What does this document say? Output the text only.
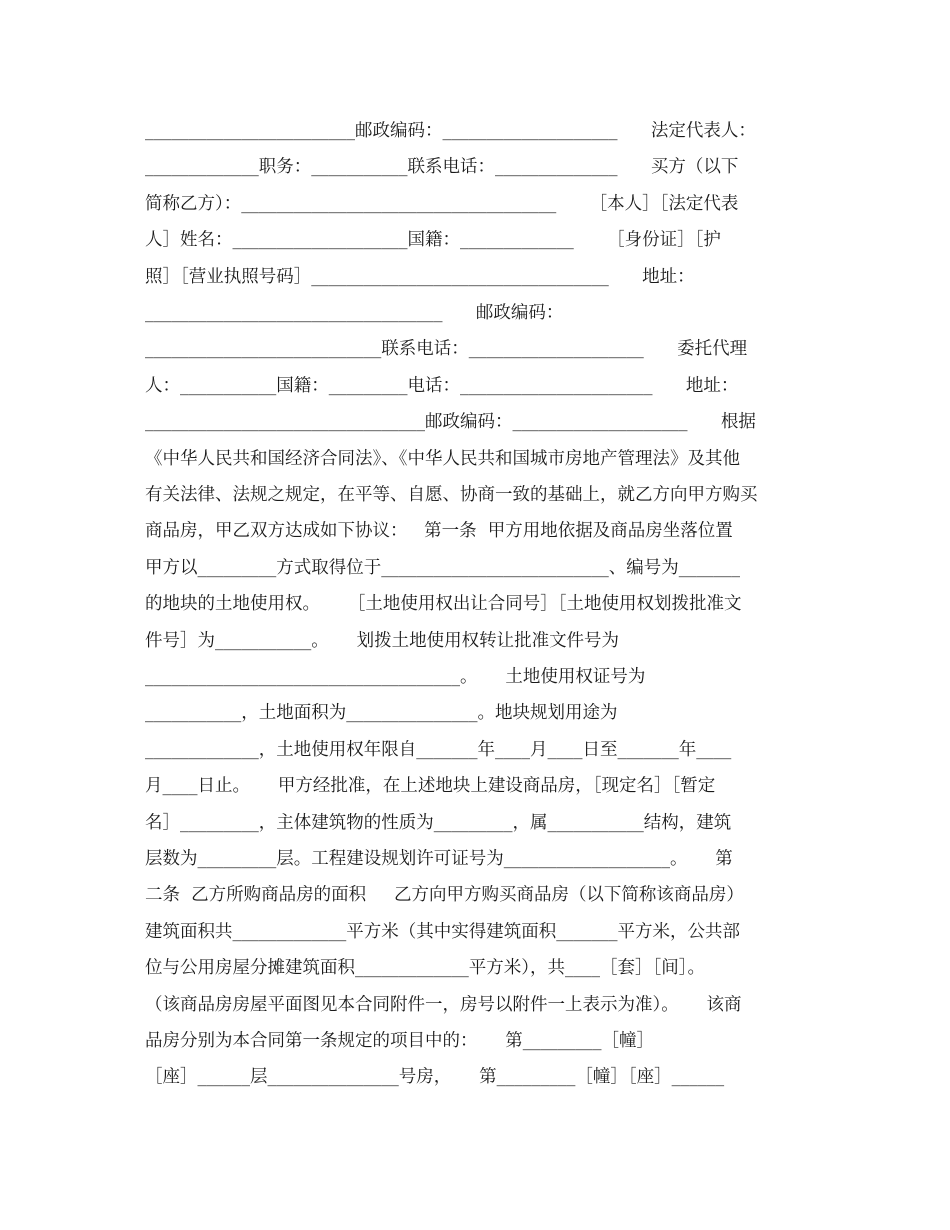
________________________邮政编码：____________________      法定代表人：
_____________职务：___________联系电话：______________      买方（以下
简称乙方）：____________________________________      ［本人］［法定代表
人］姓名：____________________国籍：_____________      ［身份证］［护
照］［营业执照号码］__________________________________      地址：
__________________________________      邮政编码：
___________________________联系电话：____________________      委托代理
人：___________国籍：_________电话：______________________      地址：
________________________________邮政编码：____________________      根据
《中华人民共和国经济合同法》、《中华人民共和国城市房地产管理法》及其他
有关法律、法规之规定，在平等、自愿、协商一致的基础上，就乙方向甲方购买
商品房，甲乙双方达成如下协议：   第一条  甲方用地依据及商品房坐落位置
甲方以_________方式取得位于__________________________、编号为_______
的地块的土地使用权。     ［土地使用权出让合同号］［土地使用权划拨批准文
件号］为___________。     划拨土地使用权转让批准文件号为
____________________________________。     土地使用权证号为
___________，土地面积为_______________。地块规划用途为
_____________，土地使用权年限自_______年____月____日至_______年____
月____日止。     甲方经批准，在上述地块上建设商品房，［现定名］［暂定
名］_________，主体建筑物的性质为_________，属___________结构，建筑
层数为_________层。工程建设规划许可证号为___________________。     第
二条  乙方所购商品房的面积     乙方向甲方购买商品房（以下简称该商品房）
建筑面积共_____________平方米（其中实得建筑面积_______平方米，公共部
位与公用房屋分摊建筑面积_____________平方米），共____［套］［间］。
（该商品房房屋平面图见本合同附件一，房号以附件一上表示为准）。     该商
品房分别为本合同第一条规定的项目中的：     第_________［幢］
［座］______层_______________号房，     第_________［幢］［座］______
